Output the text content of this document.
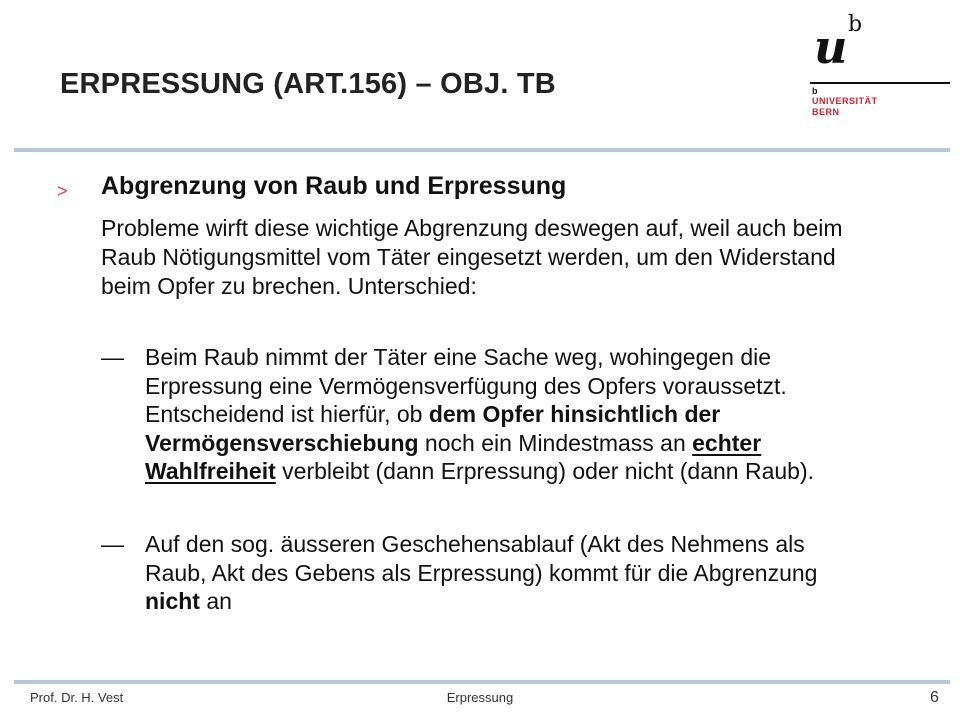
ERPRESSUNG (ART.156) – OBJ. TB
u b
b
UNIVERSITÄT
BERN
> Abgrenzung von Raub und Erpressung

Probleme wirft diese wichtige Abgrenzung deswegen auf, weil auch beim Raub Nötigungsmittel vom Täter eingesetzt werden, um den Widerstand beim Opfer zu brechen. Unterschied:

— Beim Raub nimmt der Täter eine Sache weg, wohingegen die Erpressung eine Vermögensverfügung des Opfers voraussetzt. Entscheidend ist hierfür, ob dem Opfer hinsichtlich der Vermögensverschiebung noch ein Mindestmass an echter Wahlfreiheit verbleibt (dann Erpressung) oder nicht (dann Raub).
— Auf den sog. äusseren Geschehensablauf (Akt des Nehmens als Raub, Akt des Gebens als Erpressung) kommt für die Abgrenzung nicht an
Prof. Dr. H. Vest	Erpressung	6
